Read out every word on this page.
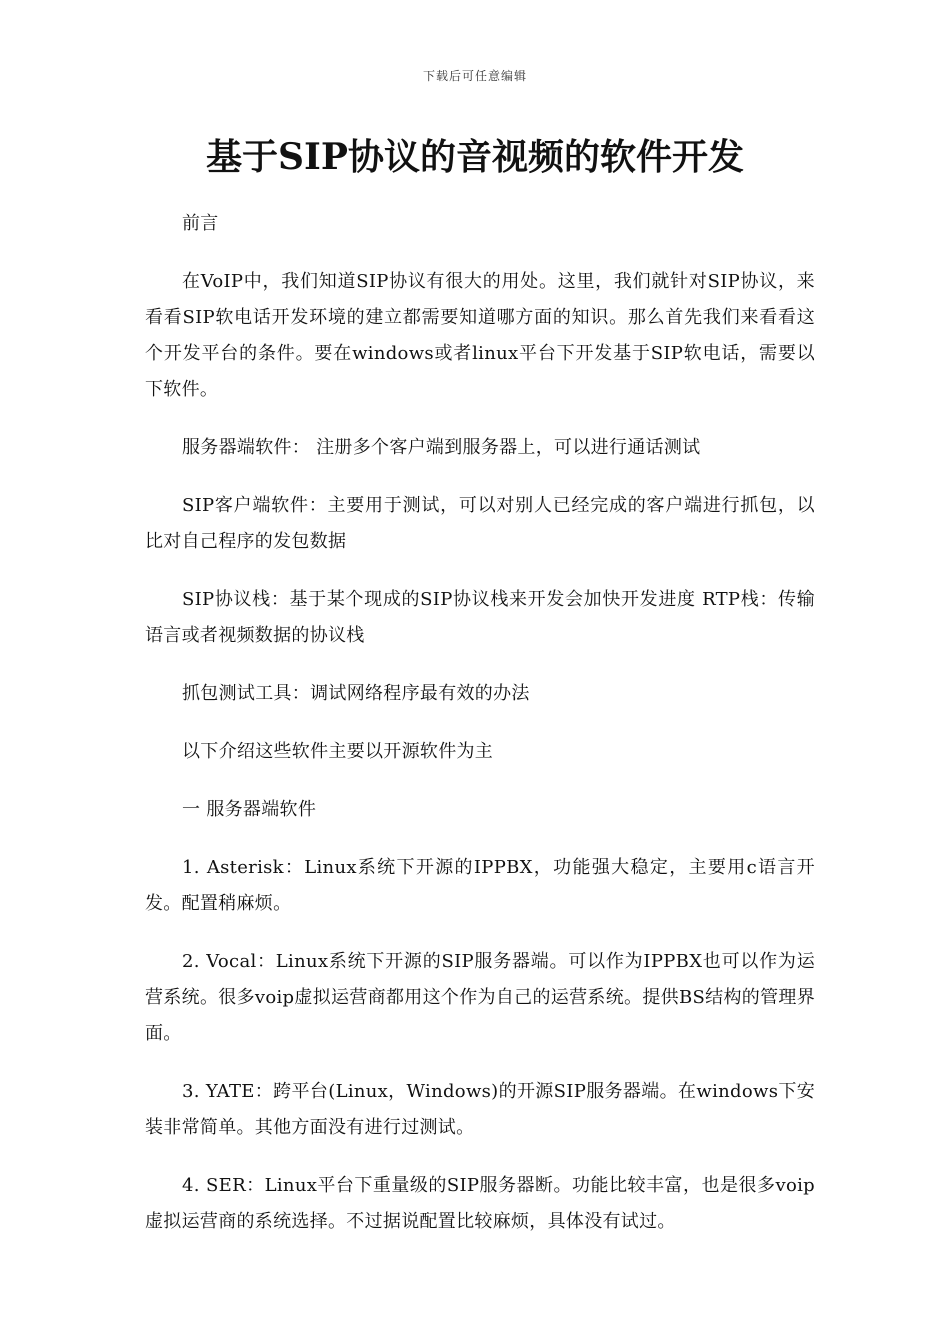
下载后可任意编辑
基于SIP协议的音视频的软件开发

前言

在VoIP中，我们知道SIP协议有很大的用处。这里，我们就针对SIP协议，来看看SIP软电话开发环境的建立都需要知道哪方面的知识。那么首先我们来看看这个开发平台的条件。要在windows或者linux平台下开发基于SIP软电话，需要以下软件。

服务器端软件： 注册多个客户端到服务器上，可以进行通话测试

SIP客户端软件：主要用于测试，可以对别人已经完成的客户端进行抓包，以比对自己程序的发包数据

SIP协议栈：基于某个现成的SIP协议栈来开发会加快开发进度 RTP栈：传输语言或者视频数据的协议栈

抓包测试工具：调试网络程序最有效的办法

以下介绍这些软件主要以开源软件为主

一 服务器端软件

1. Asterisk：Linux系统下开源的IPPBX，功能强大稳定，主要用c语言开发。配置稍麻烦。

2. Vocal：Linux系统下开源的SIP服务器端。可以作为IPPBX也可以作为运营系统。很多voip虚拟运营商都用这个作为自己的运营系统。提供BS结构的管理界面。

3. YATE：跨平台(Linux，Windows)的开源SIP服务器端。在windows下安装非常简单。其他方面没有进行过测试。

4. SER：Linux平台下重量级的SIP服务器断。功能比较丰富，也是很多voip虚拟运营商的系统选择。不过据说配置比较麻烦，具体没有试过。
